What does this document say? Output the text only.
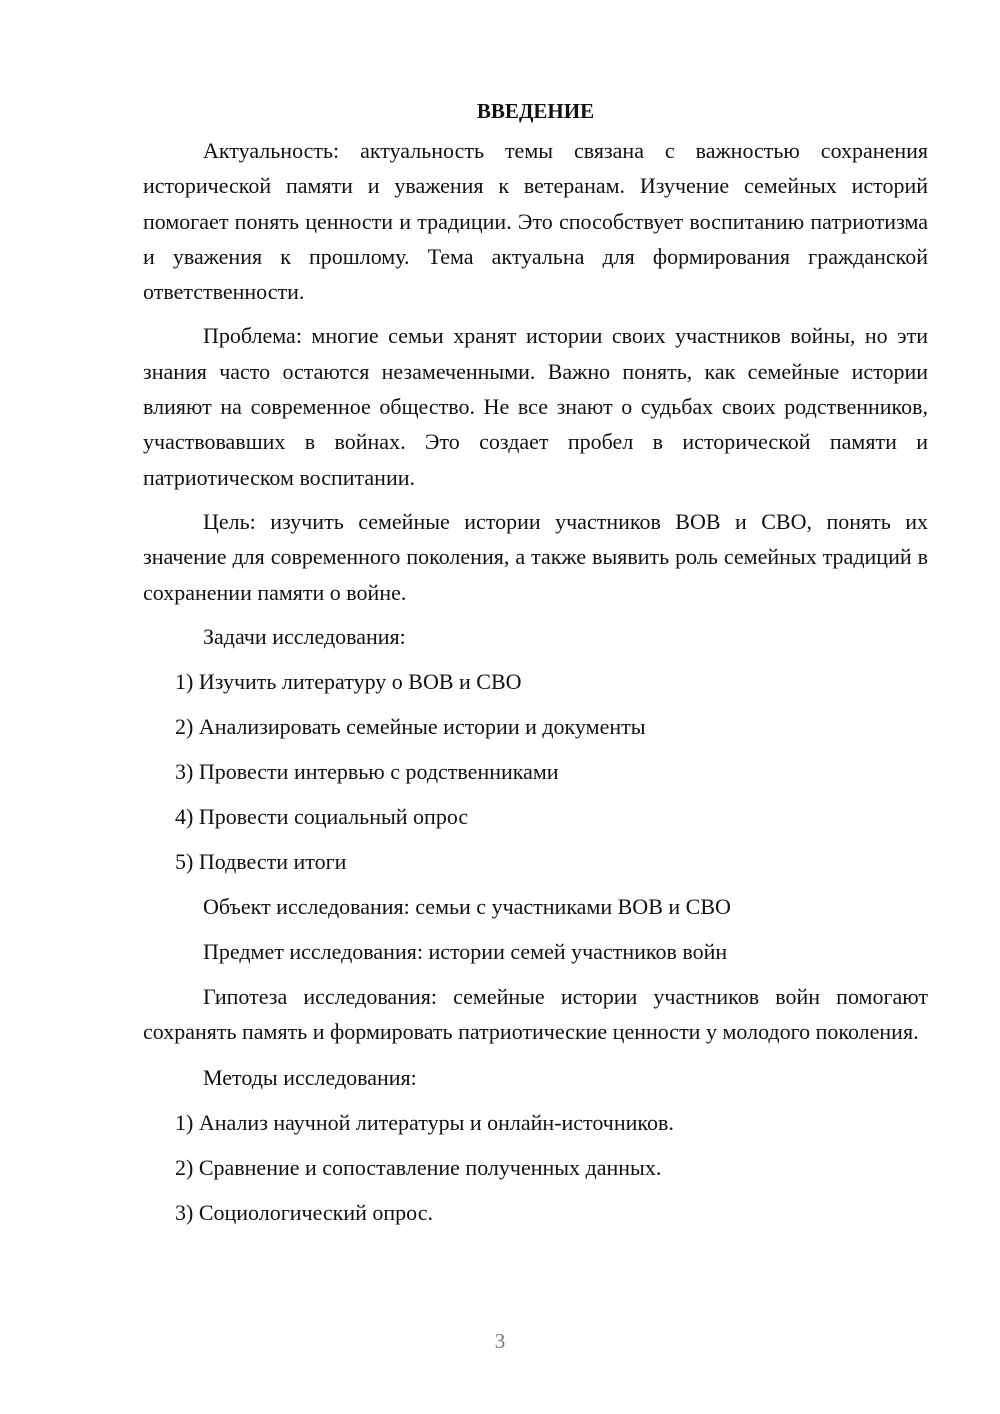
ВВЕДЕНИЕ

Актуальность: актуальность темы связана с важностью сохранения исторической памяти и уважения к ветеранам. Изучение семейных историй помогает понять ценности и традиции. Это способствует воспитанию патриотизма и уважения к прошлому. Тема актуальна для формирования гражданской ответственности.

Проблема: многие семьи хранят истории своих участников войны, но эти знания часто остаются незамеченными. Важно понять, как семейные истории влияют на современное общество. Не все знают о судьбах своих родственников, участвовавших в войнах. Это создает пробел в исторической памяти и патриотическом воспитании.

Цель: изучить семейные истории участников ВОВ и СВО, понять их значение для современного поколения, а также выявить роль семейных традиций в сохранении памяти о войне.

Задачи исследования:
1) Изучить литературу о ВОВ и СВО
2) Анализировать семейные истории и документы
3) Провести интервью с родственниками
4) Провести социальный опрос
5) Подвести итоги
Объект исследования: семьи с участниками ВОВ и СВО
Предмет исследования: истории семей участников войн

Гипотеза исследования: семейные истории участников войн помогают сохранять память и формировать патриотические ценности у молодого поколения.

Методы исследования:
1) Анализ научной литературы и онлайн-источников.
2) Сравнение и сопоставление полученных данных.
3) Социологический опрос.
3
